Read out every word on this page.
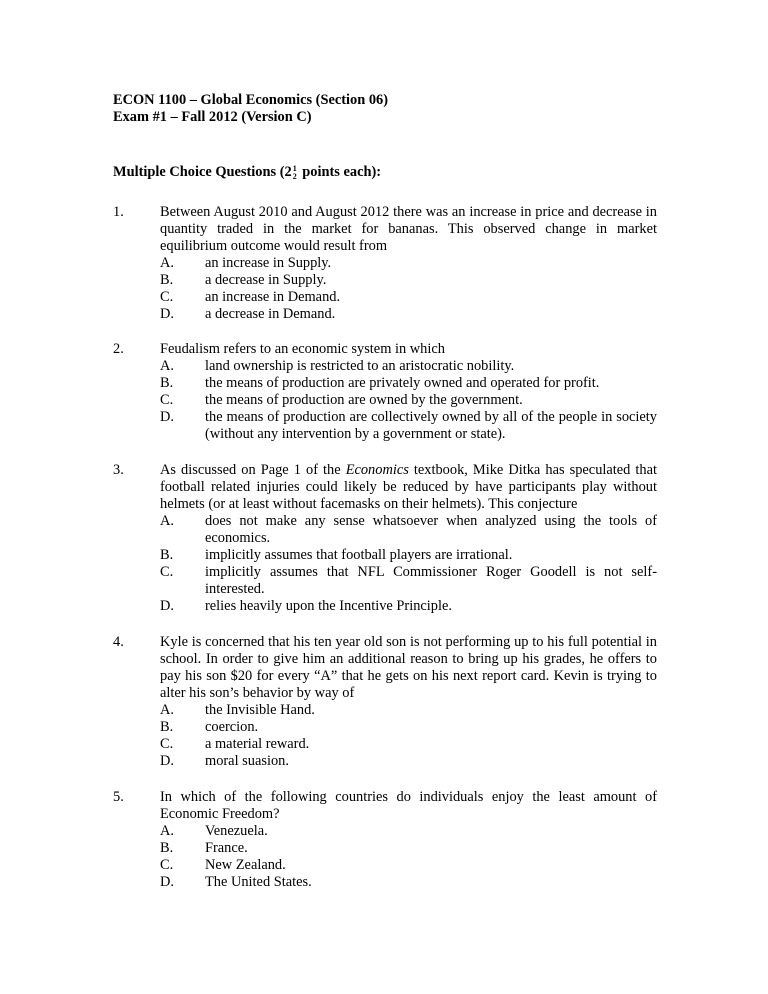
ECON 1100 – Global Economics (Section 06)
Exam #1 – Fall 2012 (Version C)
Multiple Choice Questions (2 1
2 points each):
1.	Between August 2010 and August 2012 there was an increase in price and decrease in quantity traded in the market for bananas. This observed change in market equilibrium outcome would result from
A. an increase in Supply.
B. a decrease in Supply.
C. an increase in Demand.
D. a decrease in Demand.
2.	Feudalism refers to an economic system in which
A. land ownership is restricted to an aristocratic nobility.
B. the means of production are privately owned and operated for profit.
C. the means of production are owned by the government.
D. the means of production are collectively owned by all of the people in society (without any intervention by a government or state).
3.	As discussed on Page 1 of the Economics textbook, Mike Ditka has speculated that football related injuries could likely be reduced by have participants play without helmets (or at least without facemasks on their helmets). This conjecture
A. does not make any sense whatsoever when analyzed using the tools of economics.
B. implicitly assumes that football players are irrational.
C. implicitly assumes that NFL Commissioner Roger Goodell is not self-interested.
D. relies heavily upon the Incentive Principle.
4.	Kyle is concerned that his ten year old son is not performing up to his full potential in school. In order to give him an additional reason to bring up his grades, he offers to pay his son $20 for every “A” that he gets on his next report card. Kevin is trying to alter his son’s behavior by way of
A. the Invisible Hand.
B. coercion.
C. a material reward.
D. moral suasion.
5.	In which of the following countries do individuals enjoy the least amount of Economic Freedom?
A. Venezuela.
B. France.
C. New Zealand.
D. The United States.
